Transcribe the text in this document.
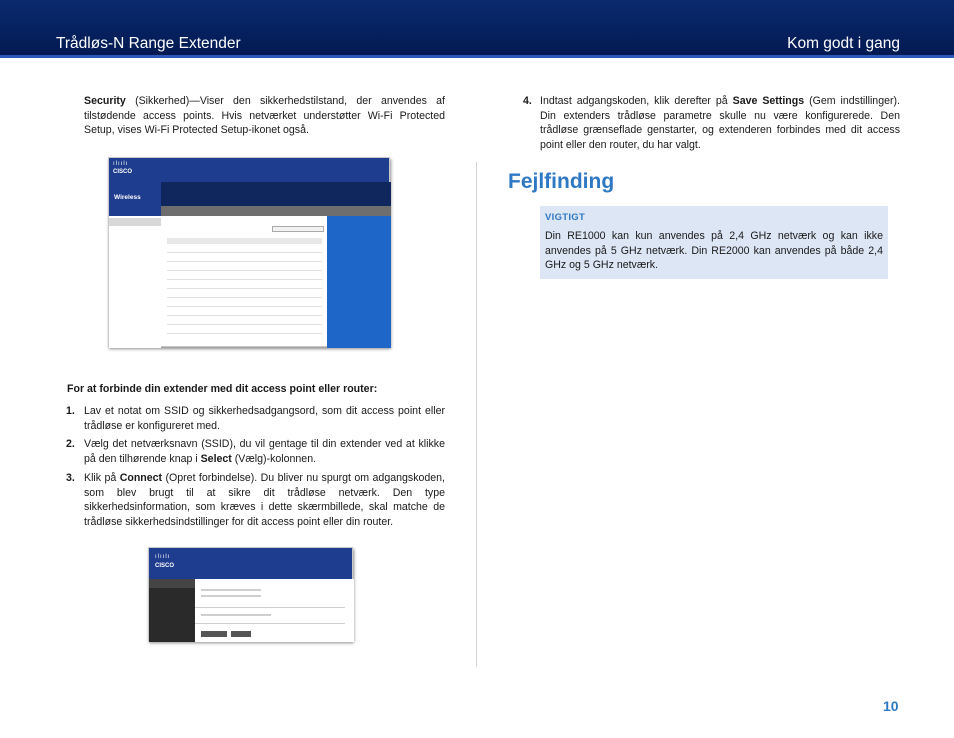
Trådløs-N Range Extender	Kom godt i gang

Security (Sikkerhed)—Viser den sikkerhedstilstand, der anvendes af tilstødende access points. Hvis netværket understøtter Wi-Fi Protected Setup, vises Wi-Fi Protected Setup-ikonet også.

ılıılı
CISCO
Wireless
For at forbinde din extender med dit access point eller router:

1. Lav et notat om SSID og sikkerhedsadgangsord, som dit access point eller trådløse er konfigureret med.

2. Vælg det netværksnavn (SSID), du vil gentage til din extender ved at klikke på den tilhørende knap i Select (Vælg)-kolonnen.

3. Klik på Connect (Opret forbindelse). Du bliver nu spurgt om adgangskoden, som blev brugt til at sikre dit trådløse netværk. Den type sikkerhedsinformation, som kræves i dette skærmbillede, skal matche de trådløse sikkerhedsindstillinger for dit access point eller din router.

ılıılı
CISCO

4. Indtast adgangskoden, klik derefter på Save Settings (Gem indstillinger). Din extenders trådløse parametre skulle nu være konfigurerede. Den trådløse grænseflade genstarter, og extenderen forbindes med dit access point eller den router, du har valgt.

Fejlfinding
VIGTIGT
Din RE1000 kan kun anvendes på 2,4 GHz netværk og kan ikke anvendes på 5 GHz netværk. Din RE2000 kan anvendes på både 2,4 GHz og 5 GHz netværk.
10
